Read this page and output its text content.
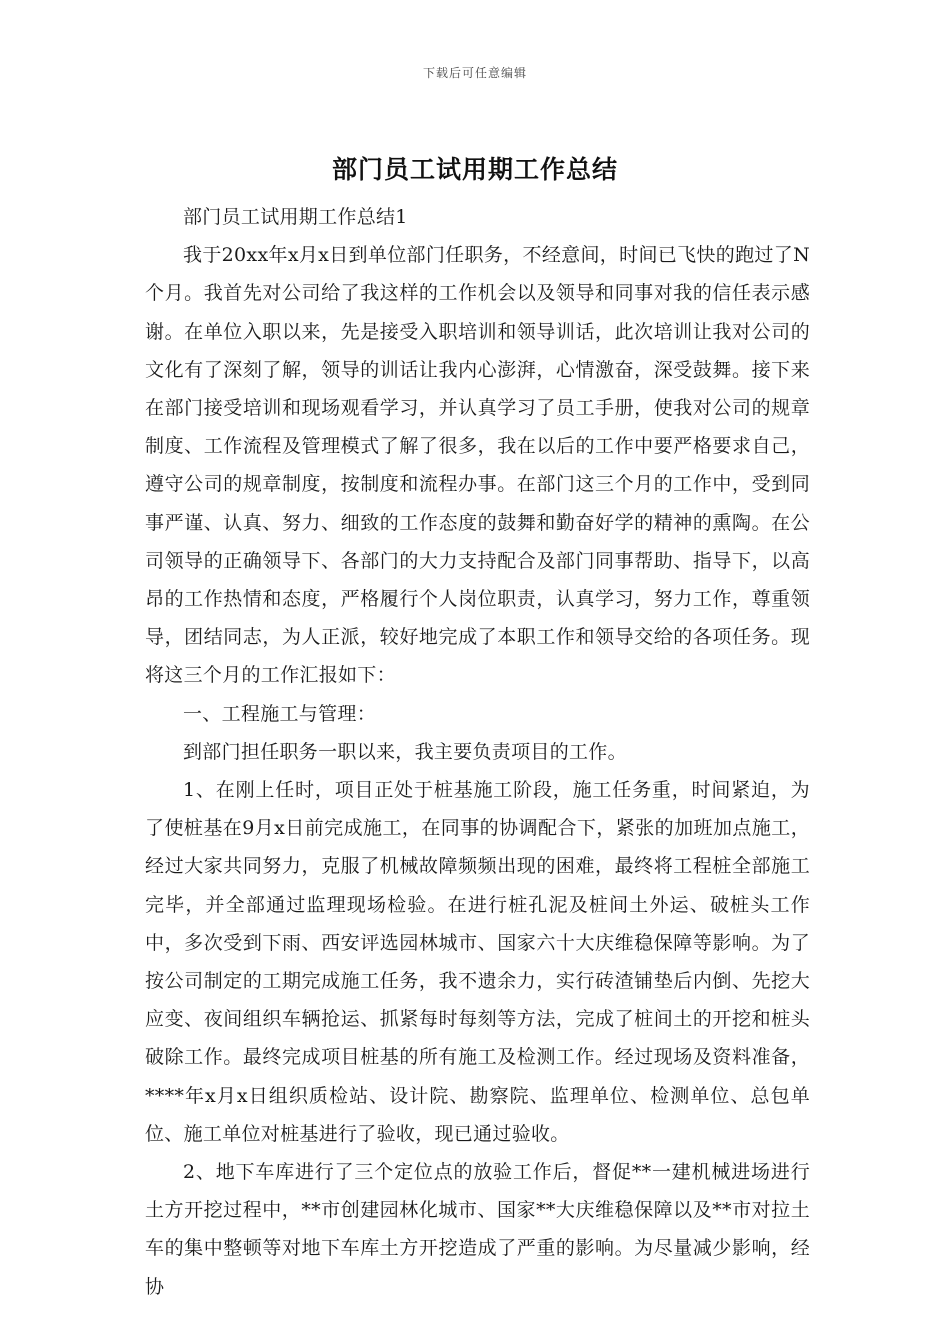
下载后可任意编辑
部门员工试用期工作总结

部门员工试用期工作总结1

我于20xx年x月x日到单位部门任职务，不经意间，时间已飞快的跑过了N个月。我首先对公司给了我这样的工作机会以及领导和同事对我的信任表示感谢。在单位入职以来，先是接受入职培训和领导训话，此次培训让我对公司的文化有了深刻了解，领导的训话让我内心澎湃，心情激奋，深受鼓舞。接下来在部门接受培训和现场观看学习，并认真学习了员工手册，使我对公司的规章制度、工作流程及管理模式了解了很多，我在以后的工作中要严格要求自己，遵守公司的规章制度，按制度和流程办事。在部门这三个月的工作中，受到同事严谨、认真、努力、细致的工作态度的鼓舞和勤奋好学的精神的熏陶。在公司领导的正确领导下、各部门的大力支持配合及部门同事帮助、指导下，以高昂的工作热情和态度，严格履行个人岗位职责，认真学习，努力工作，尊重领导，团结同志，为人正派，较好地完成了本职工作和领导交给的各项任务。现将这三个月的工作汇报如下：

一、工程施工与管理：

到部门担任职务一职以来，我主要负责项目的工作。

1、在刚上任时，项目正处于桩基施工阶段，施工任务重，时间紧迫，为了使桩基在9月x日前完成施工，在同事的协调配合下，紧张的加班加点施工，经过大家共同努力，克服了机械故障频频出现的困难，最终将工程桩全部施工完毕，并全部通过监理现场检验。在进行桩孔泥及桩间土外运、破桩头工作中，多次受到下雨、西安评选园林城市、国家六十大庆维稳保障等影响。为了按公司制定的工期完成施工任务，我不遗余力，实行砖渣铺垫后内倒、先挖大应变、夜间组织车辆抢运、抓紧每时每刻等方法，完成了桩间土的开挖和桩头破除工作。最终完成项目桩基的所有施工及检测工作。经过现场及资料准备，****年x月x日组织质检站、设计院、勘察院、监理单位、检测单位、总包单位、施工单位对桩基进行了验收，现已通过验收。

2、地下车库进行了三个定位点的放验工作后，督促**一建机械进场进行土方开挖过程中，**市创建园林化城市、国家**大庆维稳保障以及**市对拉土车的集中整顿等对地下车库土方开挖造成了严重的影响。为尽量减少影响，经协
